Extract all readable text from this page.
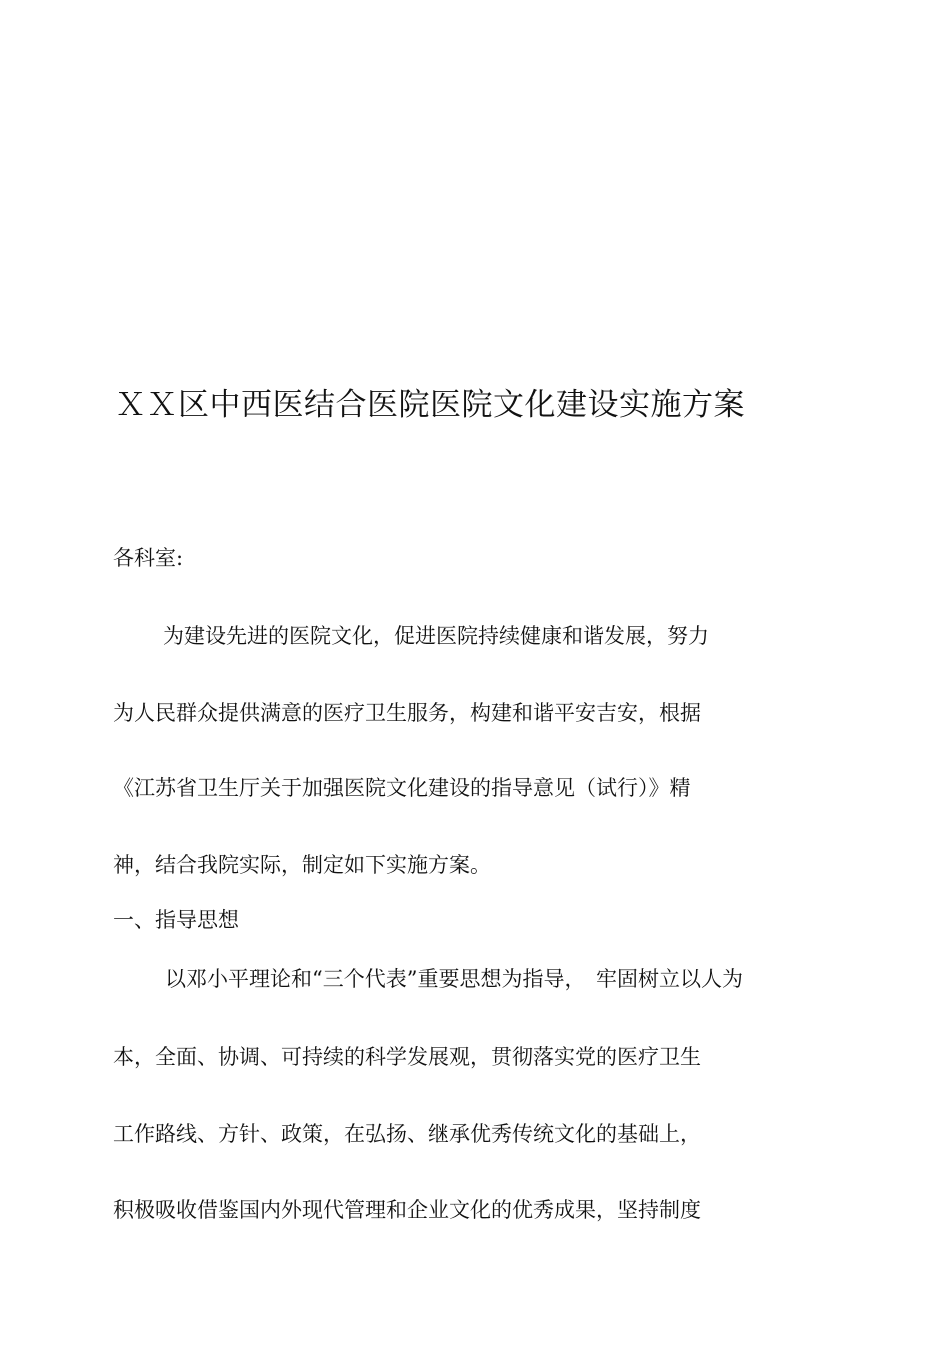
ＸＸ区中西医结合医院医院文化建设实施方案
各科室:
为建设先进的医院文化，促进医院持续健康和谐发展，努力
为人民群众提供满意的医疗卫生服务，构建和谐平安吉安，根据
《江苏省卫生厅关于加强医院文化建设的指导意见（试行）》精
神，结合我院实际，制定如下实施方案。
一、指导思想
以邓小平理论和“三个代表”重要思想为指导，　牢固树立以人为
本，全面、协调、可持续的科学发展观，贯彻落实党的医疗卫生
工作路线、方针、政策，在弘扬、继承优秀传统文化的基础上，
积极吸收借鉴国内外现代管理和企业文化的优秀成果，坚持制度
